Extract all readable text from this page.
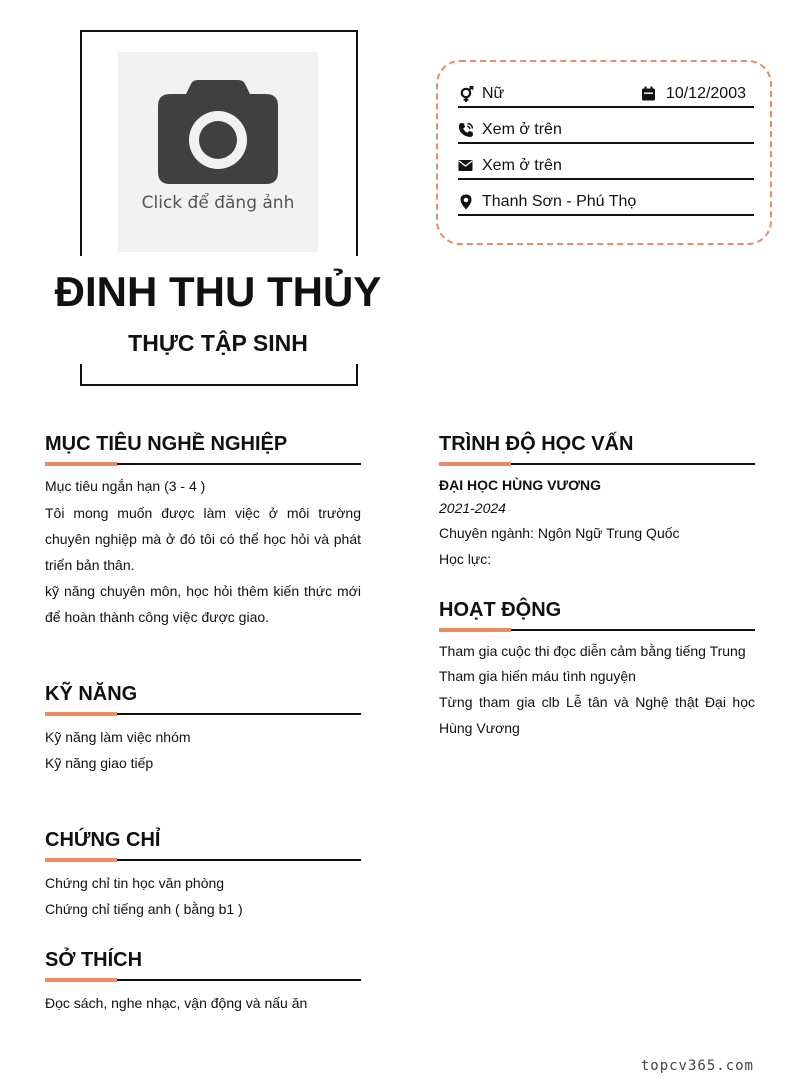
Click để đăng ảnh
ĐINH THU THỦY
THỰC TẬP SINH
Nữ	10/12/2003
Xem ở trên
Xem ở trên
Thanh Sơn - Phú Thọ
MỤC TIÊU NGHỀ NGHIỆP
Mục tiêu ngắn hạn (3 - 4 )
Tôi mong muốn được làm việc ở môi trường chuyên nghiệp mà ở đó tôi có thể học hỏi và phát triển bản thân.
kỹ năng chuyên môn, học hỏi thêm kiến thức mới để hoàn thành công việc được giao.
KỸ NĂNG
Kỹ năng làm việc nhóm
Kỹ năng giao tiếp
CHỨNG CHỈ
Chứng chỉ tin học văn phòng
Chứng chỉ tiếng anh ( bằng b1 )
SỞ THÍCH
Đọc sách, nghe nhạc, vận động và nấu ăn
TRÌNH ĐỘ HỌC VẤN
ĐẠI HỌC HÙNG VƯƠNG
2021-2024
Chuyên ngành: Ngôn Ngữ Trung Quốc
Học lực:
HOẠT ĐỘNG
Tham gia cuộc thi đọc diễn cảm bằng tiếng Trung
Tham gia hiến máu tình nguyện
Từng tham gia clb Lễ tân và Nghệ thật Đại học Hùng Vương
topcv365.com
